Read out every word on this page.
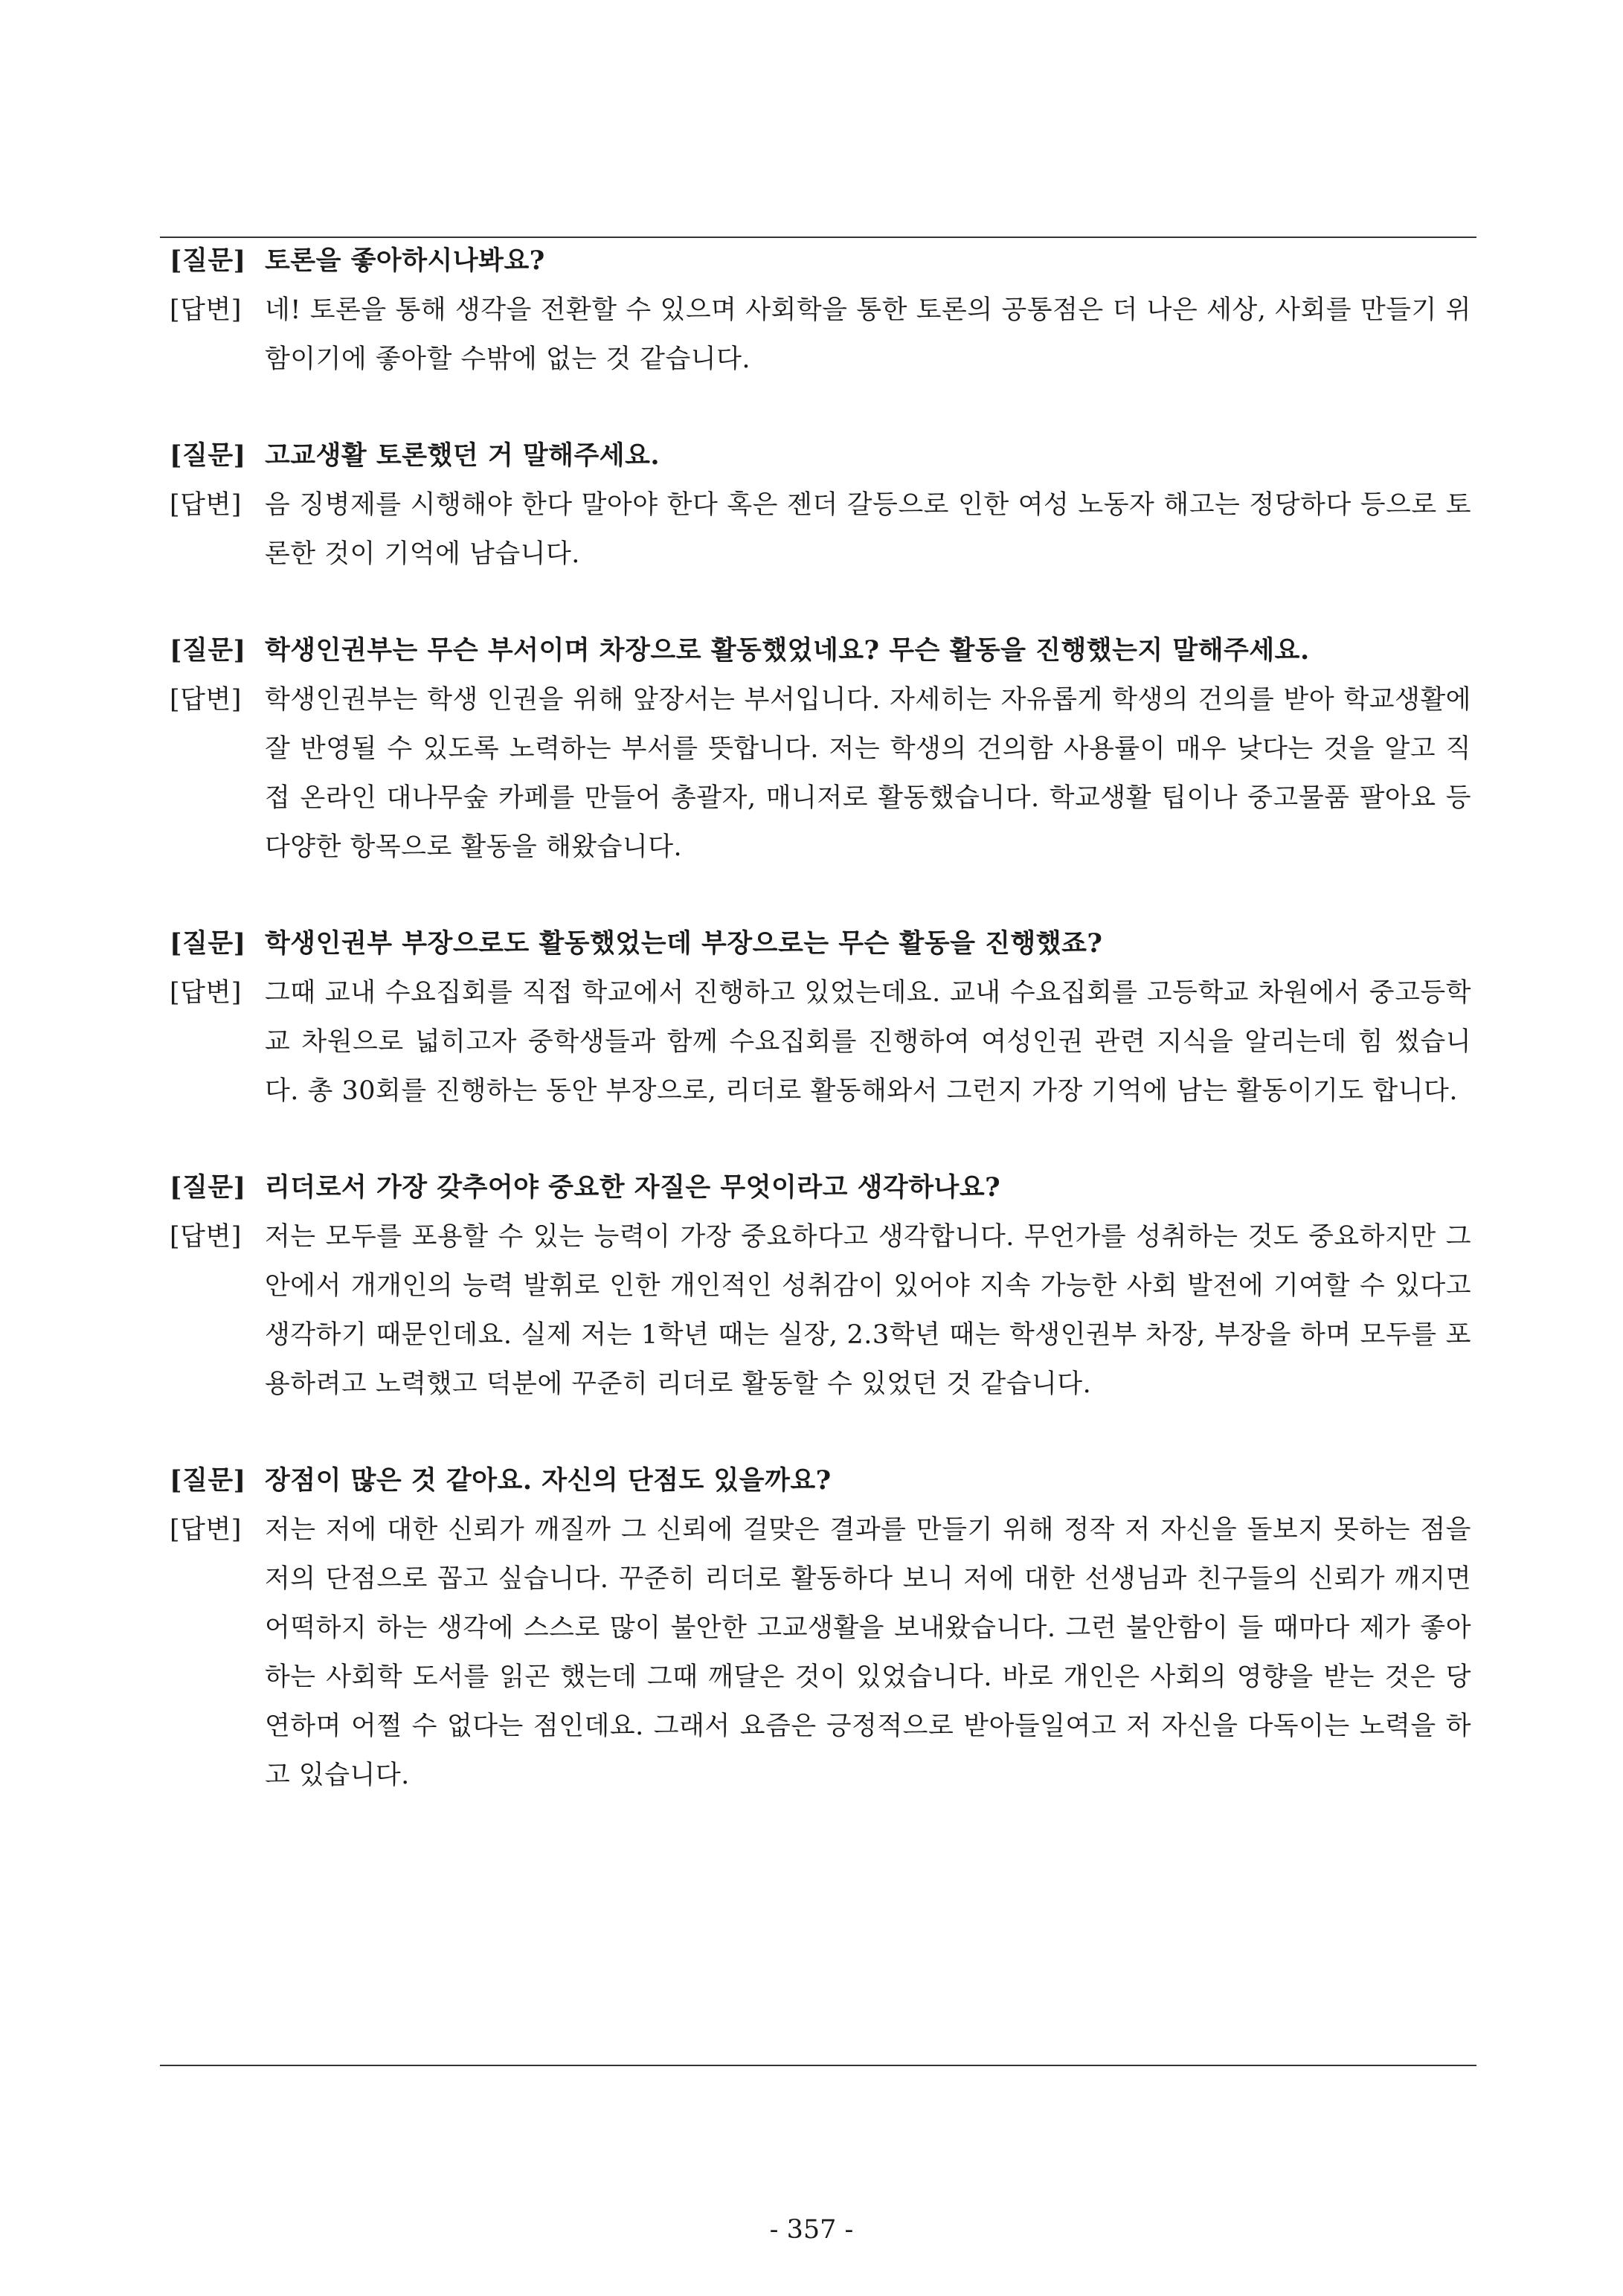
[질문] 토론을 좋아하시나봐요?
[답변] 네! 토론을 통해 생각을 전환할 수 있으며 사회학을 통한 토론의 공통점은 더 나은 세상, 사회를 만들기 위함이기에 좋아할 수밖에 없는 것 같습니다.
[질문] 고교생활 토론했던 거 말해주세요.
[답변] 음 징병제를 시행해야 한다 말아야 한다 혹은 젠더 갈등으로 인한 여성 노동자 해고는 정당하다 등으로 토론한 것이 기억에 남습니다.
[질문] 학생인권부는 무슨 부서이며 차장으로 활동했었네요? 무슨 활동을 진행했는지 말해주세요.
[답변] 학생인권부는 학생 인권을 위해 앞장서는 부서입니다. 자세히는 자유롭게 학생의 건의를 받아 학교생활에 잘 반영될 수 있도록 노력하는 부서를 뜻합니다. 저는 학생의 건의함 사용률이 매우 낮다는 것을 알고 직접 온라인 대나무숲 카페를 만들어 총괄자, 매니저로 활동했습니다. 학교생활 팁이나 중고물품 팔아요 등 다양한 항목으로 활동을 해왔습니다.
[질문] 학생인권부 부장으로도 활동했었는데 부장으로는 무슨 활동을 진행했죠?
[답변] 그때 교내 수요집회를 직접 학교에서 진행하고 있었는데요. 교내 수요집회를 고등학교 차원에서 중고등학교 차원으로 넓히고자 중학생들과 함께 수요집회를 진행하여 여성인권 관련 지식을 알리는데 힘 썼습니다. 총 30회를 진행하는 동안 부장으로, 리더로 활동해와서 그런지 가장 기억에 남는 활동이기도 합니다.
[질문] 리더로서 가장 갖추어야 중요한 자질은 무엇이라고 생각하나요?
[답변] 저는 모두를 포용할 수 있는 능력이 가장 중요하다고 생각합니다. 무언가를 성취하는 것도 중요하지만 그 안에서 개개인의 능력 발휘로 인한 개인적인 성취감이 있어야 지속 가능한 사회 발전에 기여할 수 있다고 생각하기 때문인데요. 실제 저는 1학년 때는 실장, 2.3학년 때는 학생인권부 차장, 부장을 하며 모두를 포용하려고 노력했고 덕분에 꾸준히 리더로 활동할 수 있었던 것 같습니다.
[질문] 장점이 많은 것 같아요. 자신의 단점도 있을까요?
[답변] 저는 저에 대한 신뢰가 깨질까 그 신뢰에 걸맞은 결과를 만들기 위해 정작 저 자신을 돌보지 못하는 점을 저의 단점으로 꼽고 싶습니다. 꾸준히 리더로 활동하다 보니 저에 대한 선생님과 친구들의 신뢰가 깨지면 어떡하지 하는 생각에 스스로 많이 불안한 고교생활을 보내왔습니다. 그런 불안함이 들 때마다 제가 좋아하는 사회학 도서를 읽곤 했는데 그때 깨달은 것이 있었습니다. 바로 개인은 사회의 영향을 받는 것은 당연하며 어쩔 수 없다는 점인데요. 그래서 요즘은 긍정적으로 받아들일여고 저 자신을 다독이는 노력을 하고 있습니다.
- 357 -
